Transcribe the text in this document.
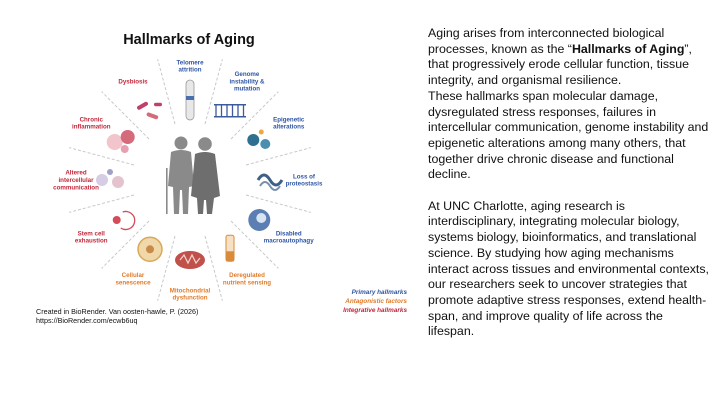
Hallmarks of Aging
Telomere attrition
Genome instability & mutation
Epigenetic alterations
Loss of proteostasis
Disabled macroautophagy
Deregulated nutrient sensing
Mitochondrial dysfunction
Cellular senescence
Stem cell exhaustion
Altered intercellular communication
Chronic inflammation
Dysbiosis
Primary hallmarks
Antagonistic factors
Integrative hallmarks
Created in BioRender. Van oosten-hawle, P. (2026)
https://BioRender.com/ecwb6uq

Aging arises from interconnected biological processes, known as the “Hallmarks of Aging”, that progressively erode cellular function, tissue integrity, and organismal resilience.

These hallmarks span molecular damage, dysregulated stress responses, failures in intercellular communication, genome instability and epigenetic alterations among many others, that together drive chronic disease and functional decline.

At UNC Charlotte, aging research is interdisciplinary, integrating molecular biology, systems biology, bioinformatics, and translational science. By studying how aging mechanisms interact across tissues and environmental contexts, our researchers seek to uncover strategies that promote adaptive stress responses, extend health-span, and improve quality of life across the lifespan.
